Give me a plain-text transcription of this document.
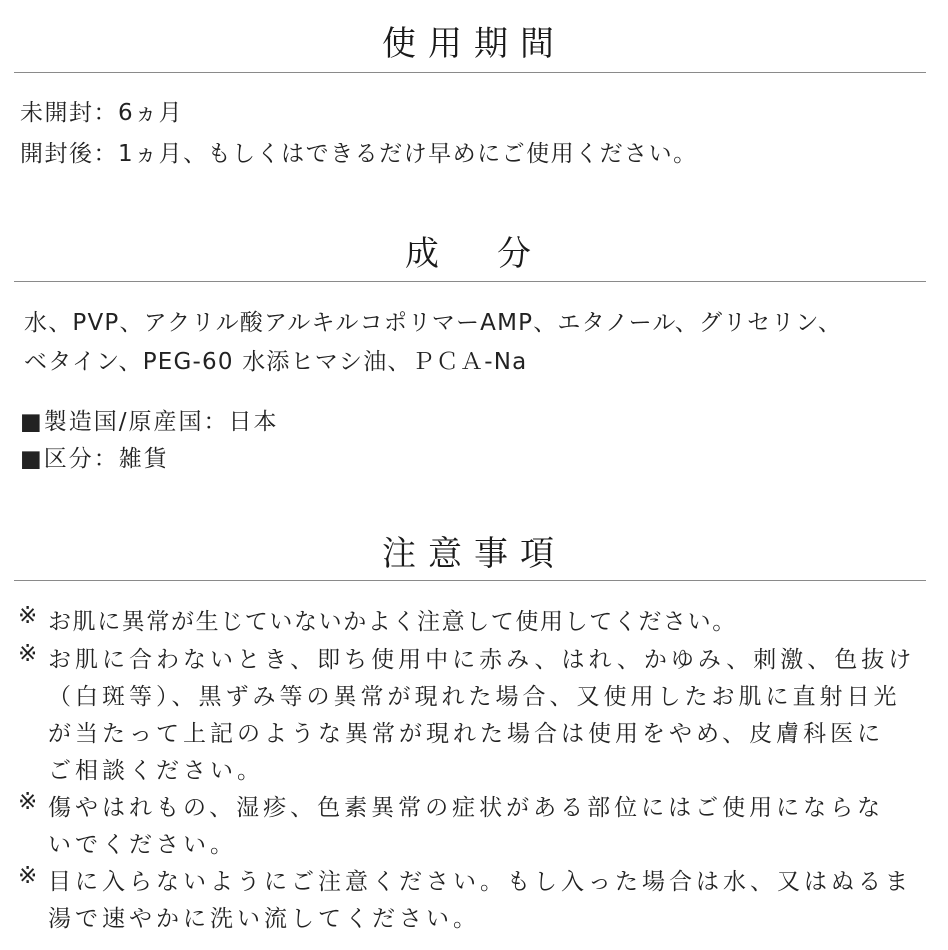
使用期間
未開封：6ヵ月
開封後：1ヵ月、もしくはできるだけ早めにご使用ください。
成　分
水、PVP、アクリル酸アルキルコポリマーAMP、エタノール、グリセリン、
ベタイン、PEG-60 水添ヒマシ油、ＰＣＡ-Na
■製造国/原産国：日本
■区分：雑貨
注意事項
※ お肌に異常が生じていないかよく注意して使用してください。
※ お肌に合わないとき、即ち使用中に赤み、はれ、かゆみ、刺激、色抜け
（白斑等）、黒ずみ等の異常が現れた場合、又使用したお肌に直射日光
が当たって上記のような異常が現れた場合は使用をやめ、皮膚科医に
ご相談ください。
※ 傷やはれもの、湿疹、色素異常の症状がある部位にはご使用にならな
いでください。
※ 目に入らないようにご注意ください。もし入った場合は水、又はぬるま
湯で速やかに洗い流してください。
